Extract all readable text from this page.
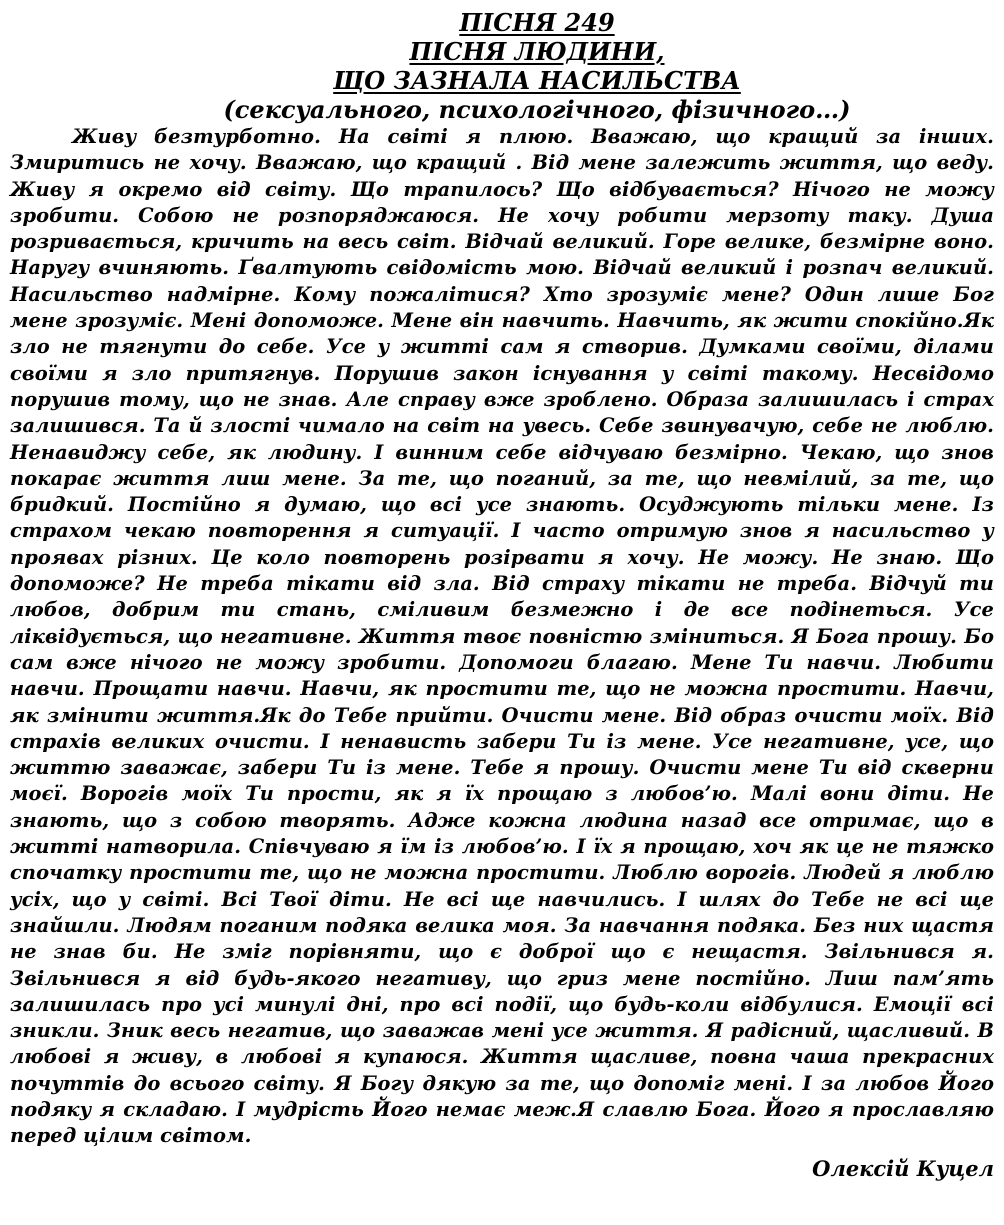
ПІСНЯ 249
ПІСНЯ ЛЮДИНИ,
ЩО ЗАЗНАЛА НАСИЛЬСТВА
(сексуального, психологічного, фізичного…)

Живу безтурботно. На світі я плюю. Вважаю, що кращий за інших. Змиритись не хочу. Вважаю, що кращий . Від мене залежить життя, що веду. Живу я окремо від світу. Що трапилось? Що відбувається? Нічого не можу зробити. Собою не розпоряджаюся. Не хочу робити мерзоту таку. Душа розривається, кричить на весь світ. Відчай великий. Горе велике, безмірне воно. Наругу вчиняють. Ґвалтують свідомість мою. Відчай великий і розпач великий. Насильство надмірне. Кому пожалітися? Хто зрозуміє мене? Один лише Бог мене зрозуміє. Мені допоможе. Мене він навчить. Навчить, як жити спокійно.Як зло не тягнути до себе. Усе у житті сам я створив. Думками своїми, ділами своїми я зло притягнув. Порушив закон існування у світі такому. Несвідомо порушив тому, що не знав. Але справу вже зроблено. Образа залишилась і страх залишився. Та й злості чимало на світ на увесь. Себе звинувачую, себе не люблю. Ненавиджу себе, як людину. І винним себе відчуваю безмірно. Чекаю, що знов покарає життя лиш мене. За те, що поганий, за те, що невмілий, за те, що бридкий. Постійно я думаю, що всі усе знають. Осуджують тільки мене. Із страхом чекаю повторення я ситуації. І часто отримую знов я насильство у проявах різних. Це коло повторень розірвати я хочу. Не можу. Не знаю. Що допоможе? Не треба тікати від зла. Від страху тікати не треба. Відчуй ти любов, добрим ти стань, сміливим безмежно і де все подінеться. Усе ліквідується, що негативне. Життя твоє повністю зміниться. Я Бога прошу. Бо сам вже нічого не можу зробити. Допомоги благаю. Мене Ти навчи. Любити навчи. Прощати навчи. Навчи, як простити те, що не можна простити. Навчи, як змінити життя.Як до Тебе прийти. Очисти мене. Від образ очисти моїх. Від страхів великих очисти. І ненависть забери Ти із мене. Усе негативне, усе, що життю заважає, забери Ти із мене. Тебе я прошу. Очисти мене Ти від скверни моєї. Ворогів моїх Ти прости, як я їх прощаю з любов’ю. Малі вони діти. Не знають, що з собою творять. Адже кожна людина назад все отримає, що в житті натворила. Співчуваю я їм із любов’ю. І їх я прощаю, хоч як це не тяжко спочатку простити те, що не можна простити. Люблю ворогів. Людей я люблю усіх, що у світі. Всі Твої діти. Не всі ще навчились. І шлях до Тебе не всі ще знайшли. Людям поганим подяка велика моя. За навчання подяка. Без них щастя не знав би. Не зміг порівняти, що є доброї що є нещастя. Звільнився я. Звільнився я від будь-якого негативу, що гриз мене постійно. Лиш пам’ять залишилась про усі минулі дні, про всі події, що будь-коли відбулися. Емоції всі зникли. Зник весь негатив, що заважав мені усе життя. Я радісний, щасливий. В любові я живу, в любові я купаюся. Життя щасливе, повна чаша прекрасних почуттів до всього світу. Я Богу дякую за те, що допоміг мені. І за любов Його подяку я складаю. І мудрість Його немає меж.Я славлю Бога. Його я прославляю перед цілим світом.

Олексій Куцел
